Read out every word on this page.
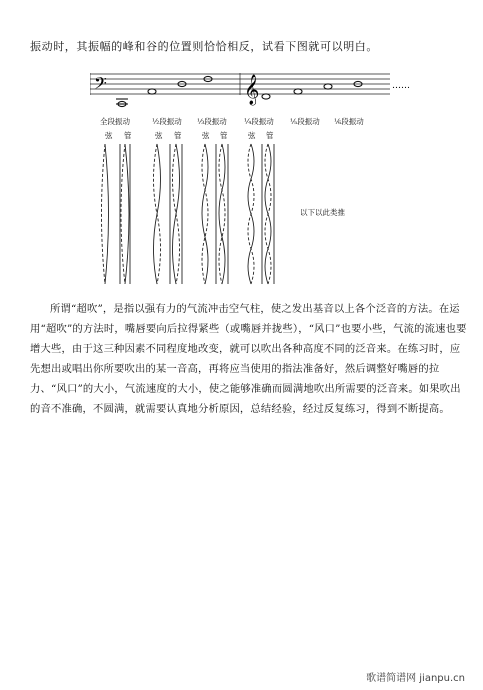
振动时，其振幅的峰和谷的位置则恰恰相反，试看下图就可以明白。
𝄢	𝄞	……
全段振动	½段振动 ⅓段振动 ¼段振动 ⅕段振动 ⅙段振动
弦 管	弦 管	弦 管	弦 管
以下以此类推

所谓“超吹”，是指以强有力的气流冲击空气柱，使之发出基音以上各个泛音的方法。在运用“超吹”的方法时，嘴唇要向后拉得紧些（或嘴唇并拢些），“风口”也要小些，气流的流速也要增大些，由于这三种因素不同程度地改变，就可以吹出各种高度不同的泛音来。在练习时，应先想出或唱出你所要吹出的某一音高，再将应当使用的指法准备好，然后调整好嘴唇的拉力、“风口”的大小，气流速度的大小，使之能够准确而圆满地吹出所需要的泛音来。如果吹出的音不准确，不圆满，就需要认真地分析原因，总结经验，经过反复练习，得到不断提高。

歌谱简谱网 jianpu.cn
